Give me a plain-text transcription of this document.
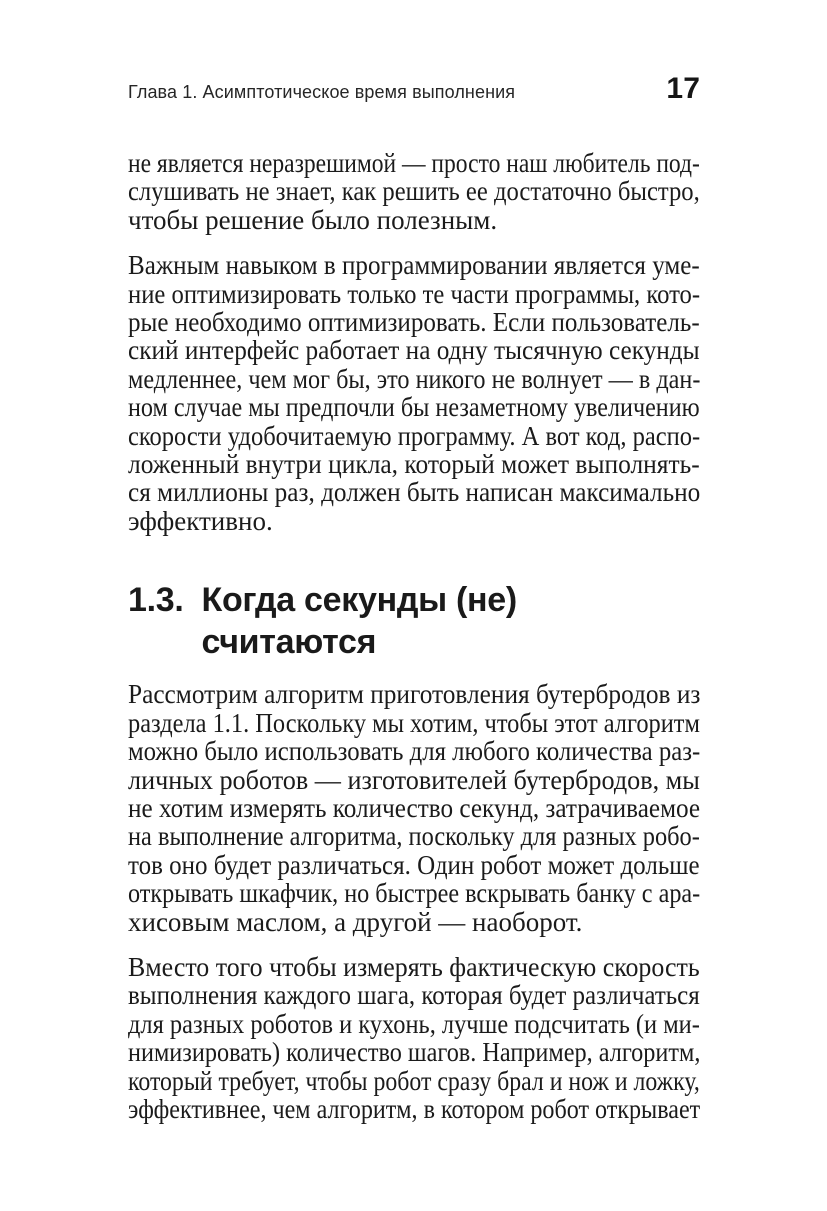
Глава 1. Асимптотическое время выполнения	17
не является неразрешимой — просто наш любитель под-
слушивать не знает, как решить ее достаточно быстро,
чтобы решение было полезным.
Важным навыком в программировании является уме-
ние оптимизировать только те части программы, кото-
рые необходимо оптимизировать. Если пользователь-
ский интерфейс работает на одну тысячную секунды
медленнее, чем мог бы, это никого не волнует — в дан-
ном случае мы предпочли бы незаметному увеличению
скорости удобочитаемую программу. А вот код, распо-
ложенный внутри цикла, который может выполнять-
ся миллионы раз, должен быть написан максимально
эффективно.
1.3. Когда секунды (не) считаются
Рассмотрим алгоритм приготовления бутербродов из
раздела 1.1. Поскольку мы хотим, чтобы этот алгоритм
можно было использовать для любого количества раз-
личных роботов — изготовителей бутербродов, мы
не хотим измерять количество секунд, затрачиваемое
на выполнение алгоритма, поскольку для разных робо-
тов оно будет различаться. Один робот может дольше
открывать шкафчик, но быстрее вскрывать банку с ара-
хисовым маслом, а другой — наоборот.
Вместо того чтобы измерять фактическую скорость
выполнения каждого шага, которая будет различаться
для разных роботов и кухонь, лучше подсчитать (и ми-
нимизировать) количество шагов. Например, алгоритм,
который требует, чтобы робот сразу брал и нож и ложку,
эффективнее, чем алгоритм, в котором робот открывает
